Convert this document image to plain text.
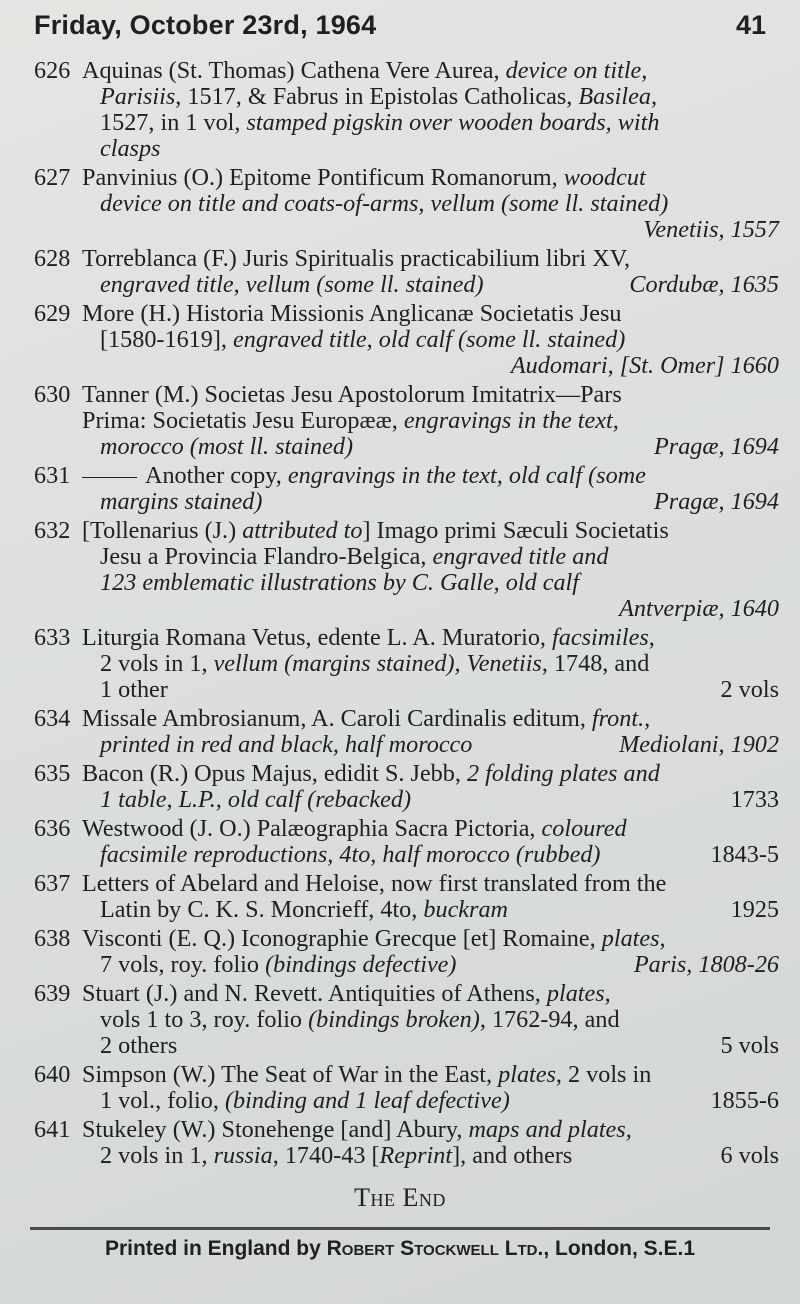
Friday, October 23rd, 1964	41
626 Aquinas (St. Thomas) Cathena Vere Aurea, device on title,
Parisiis, 1517, & Fabrus in Epistolas Catholicas, Basilea,
1527, in 1 vol, stamped pigskin over wooden boards, with
clasps
627 Panvinius (O.) Epitome Pontificum Romanorum, woodcut
device on title and coats-of-arms, vellum (some ll. stained)
Venetiis, 1557
628 Torreblanca (F.) Juris Spiritualis practicabilium libri XV,
engraved title, vellum (some ll. stained)	Cordubæ, 1635
629 More (H.) Historia Missionis Anglicanæ Societatis Jesu
[1580-1619], engraved title, old calf (some ll. stained)
Audomari, [St. Omer] 1660
630 Tanner (M.) Societas Jesu Apostolorum Imitatrix—Pars
Prima: Societatis Jesu Europææ, engravings in the text,
morocco (most ll. stained)	Pragæ, 1694
631	Another copy, engravings in the text, old calf (some
margins stained)	Pragæ, 1694
632 [Tollenarius (J.) attributed to] Imago primi Sæculi Societatis
Jesu a Provincia Flandro-Belgica, engraved title and
123 emblematic illustrations by C. Galle, old calf
Antverpiæ, 1640
633 Liturgia Romana Vetus, edente L. A. Muratorio, facsimiles,
2 vols in 1, vellum (margins stained), Venetiis, 1748, and
1 other	2 vols
634 Missale Ambrosianum, A. Caroli Cardinalis editum, front.,
printed in red and black, half morocco	Mediolani, 1902
635 Bacon (R.) Opus Majus, edidit S. Jebb, 2 folding plates and
1 table, L.P., old calf (rebacked)	1733
636 Westwood (J. O.) Palæographia Sacra Pictoria, coloured
facsimile reproductions, 4to, half morocco (rubbed)	1843-5
637 Letters of Abelard and Heloise, now first translated from the
Latin by C. K. S. Moncrieff, 4to, buckram	1925
638 Visconti (E. Q.) Iconographie Grecque [et] Romaine, plates,
7 vols, roy. folio (bindings defective)	Paris, 1808-26
639 Stuart (J.) and N. Revett. Antiquities of Athens, plates,
vols 1 to 3, roy. folio (bindings broken), 1762-94, and
2 others	5 vols
640 Simpson (W.) The Seat of War in the East, plates, 2 vols in
1 vol., folio, (binding and 1 leaf defective)	1855-6
641 Stukeley (W.) Stonehenge [and] Abury, maps and plates,
2 vols in 1, russia, 1740-43 [Reprint], and others	6 vols
The End
Printed in England by Robert Stockwell Ltd., London, S.E.1
